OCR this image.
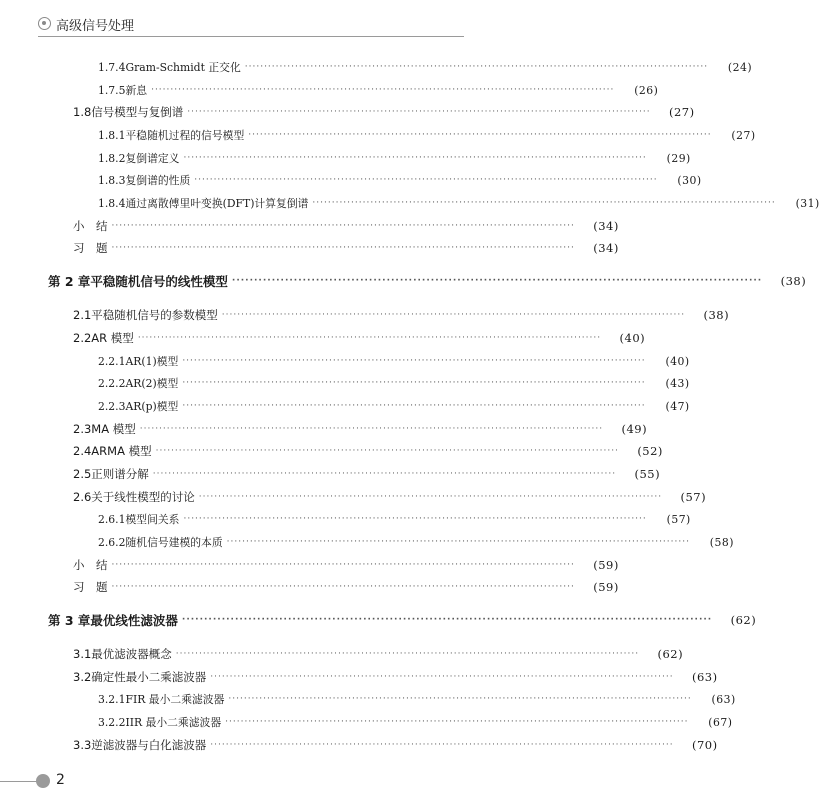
高级信号处理
1.7.4 Gram-Schmidt 正交化 ························································································································	(24)
1.7.5 新息 ························································································································	(26)
1.8 信号模型与复倒谱 ························································································································	(27)
1.8.1 平稳随机过程的信号模型 ························································································································	(27)
1.8.2 复倒谱定义 ························································································································	(29)
1.8.3 复倒谱的性质 ························································································································	(30)
1.8.4 通过离散傅里叶变换(DFT)计算复倒谱 ························································································································	(31)
小　结 ························································································································	(34)
习　题 ························································································································	(34)
第 2 章 平稳随机信号的线性模型 ························································································································	(38)
2.1 平稳随机信号的参数模型 ························································································································	(38)
2.2 AR 模型 ························································································································	(40)
2.2.1 AR(1)模型 ························································································································	(40)
2.2.2 AR(2)模型 ························································································································	(43)
2.2.3 AR(p)模型 ························································································································	(47)
2.3 MA 模型 ························································································································	(49)
2.4 ARMA 模型 ························································································································	(52)
2.5 正则谱分解 ························································································································	(55)
2.6 关于线性模型的讨论 ························································································································	(57)
2.6.1 模型间关系 ························································································································	(57)
2.6.2 随机信号建模的本质 ························································································································	(58)
小　结 ························································································································	(59)
习　题 ························································································································	(59)
第 3 章 最优线性滤波器 ························································································································	(62)
3.1 最优滤波器概念 ························································································································	(62)
3.2 确定性最小二乘滤波器 ························································································································	(63)
3.2.1 FIR 最小二乘滤波器 ························································································································	(63)
3.2.2 IIR 最小二乘滤波器 ························································································································	(67)
3.3 逆滤波器与白化滤波器 ························································································································	(70)
2
